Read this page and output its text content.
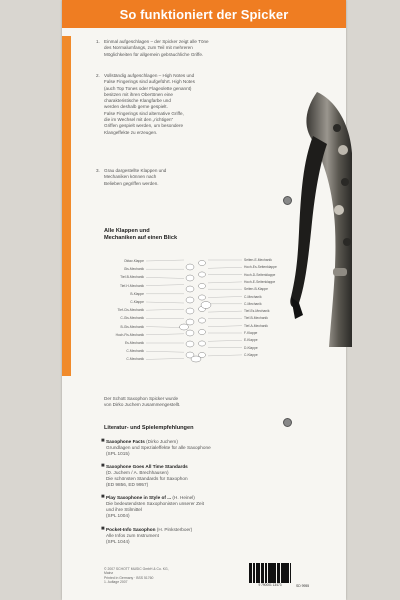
So funktioniert der Spicker
1. Einmal aufgeschlagen – der Spicker zeigt alle Töne

des Normalumfangs, zum Teil mit mehreren

Möglichkeiten für allgemein gebräuchliche Griffe.

2. Vollständig aufgeschlagen – High Notes und

False Fingerings sind aufgeführt. High Notes

(auch Top Tones oder Flageolette genannt)

besitzen mit ihren Obertönen eine

charakteristische Klangfarbe und

werden deshalb gerne gespielt.

False Fingerings sind alternative Griffe,

die im Wechsel mit den „richtigen“

Griffen gespielt werden, um besondere

Klangeffekte zu erzeugen.

3. Grau dargestellte Klappen und

Mechaniken können nach

Belieben gegriffen werden.

Alle Klappen und
Mechaniken auf einen Blick
Oktav-Klappe
Gis-Mechanik
Tief-B-Mechanik
Tief-H-Mechanik
B-Klappe
C-Klappe
Tief-Cis-Mechanik
C-Gis-Mechanik
B-Gis-Mechanik
Hoch-Fis-Mechanik
Es-Mechanik
C-Mechanik
C-Mechanik
Seiten-E-Mechanik
Hoch-Es-Seitenklappe
Hoch-D-Seitenklappe
Hoch-E-Seitenklappe
Seiten-B-Klappe
C-Mechanik
C-Mechanik
Tief-Es-Mechanik
Tief-B-Mechanik
Tief-A-Mechanik
F-Klappe
E-Klappe
D-Klappe
C-Klappe
Der Schott Saxophon Spicker wurde
von Dirko Juchem zusammengestellt.
Literatur- und Spielempfehlungen
■ Saxophone Facts (Dirko Juchem)
Grundlagen und Spezialeffekte für alle Saxophone
(SPL 1015)
■ Saxophone Goes All Time Standards
(D. Juchem / A. Brechhausen)
Die schönsten Standards für Saxophon
(ED 9856, ED 9957)
■ Play Saxophone in Style of ... (H. Heinel)
Die bedeutendsten Saxophonisten unserer Zeit
und ihre Stilmittel
(SPL 1004)
■ Pocket-Info Saxophon (H. Pinksterboer)
Alle Infos zum Instrument
(SPL 1044)
© 2007 SCHOTT MUSIC GmbH & Co. KG,
Mainz
Printed in Germany · BSS 51760
1. Auflage 2007
9 790001 13473	SD 9955
